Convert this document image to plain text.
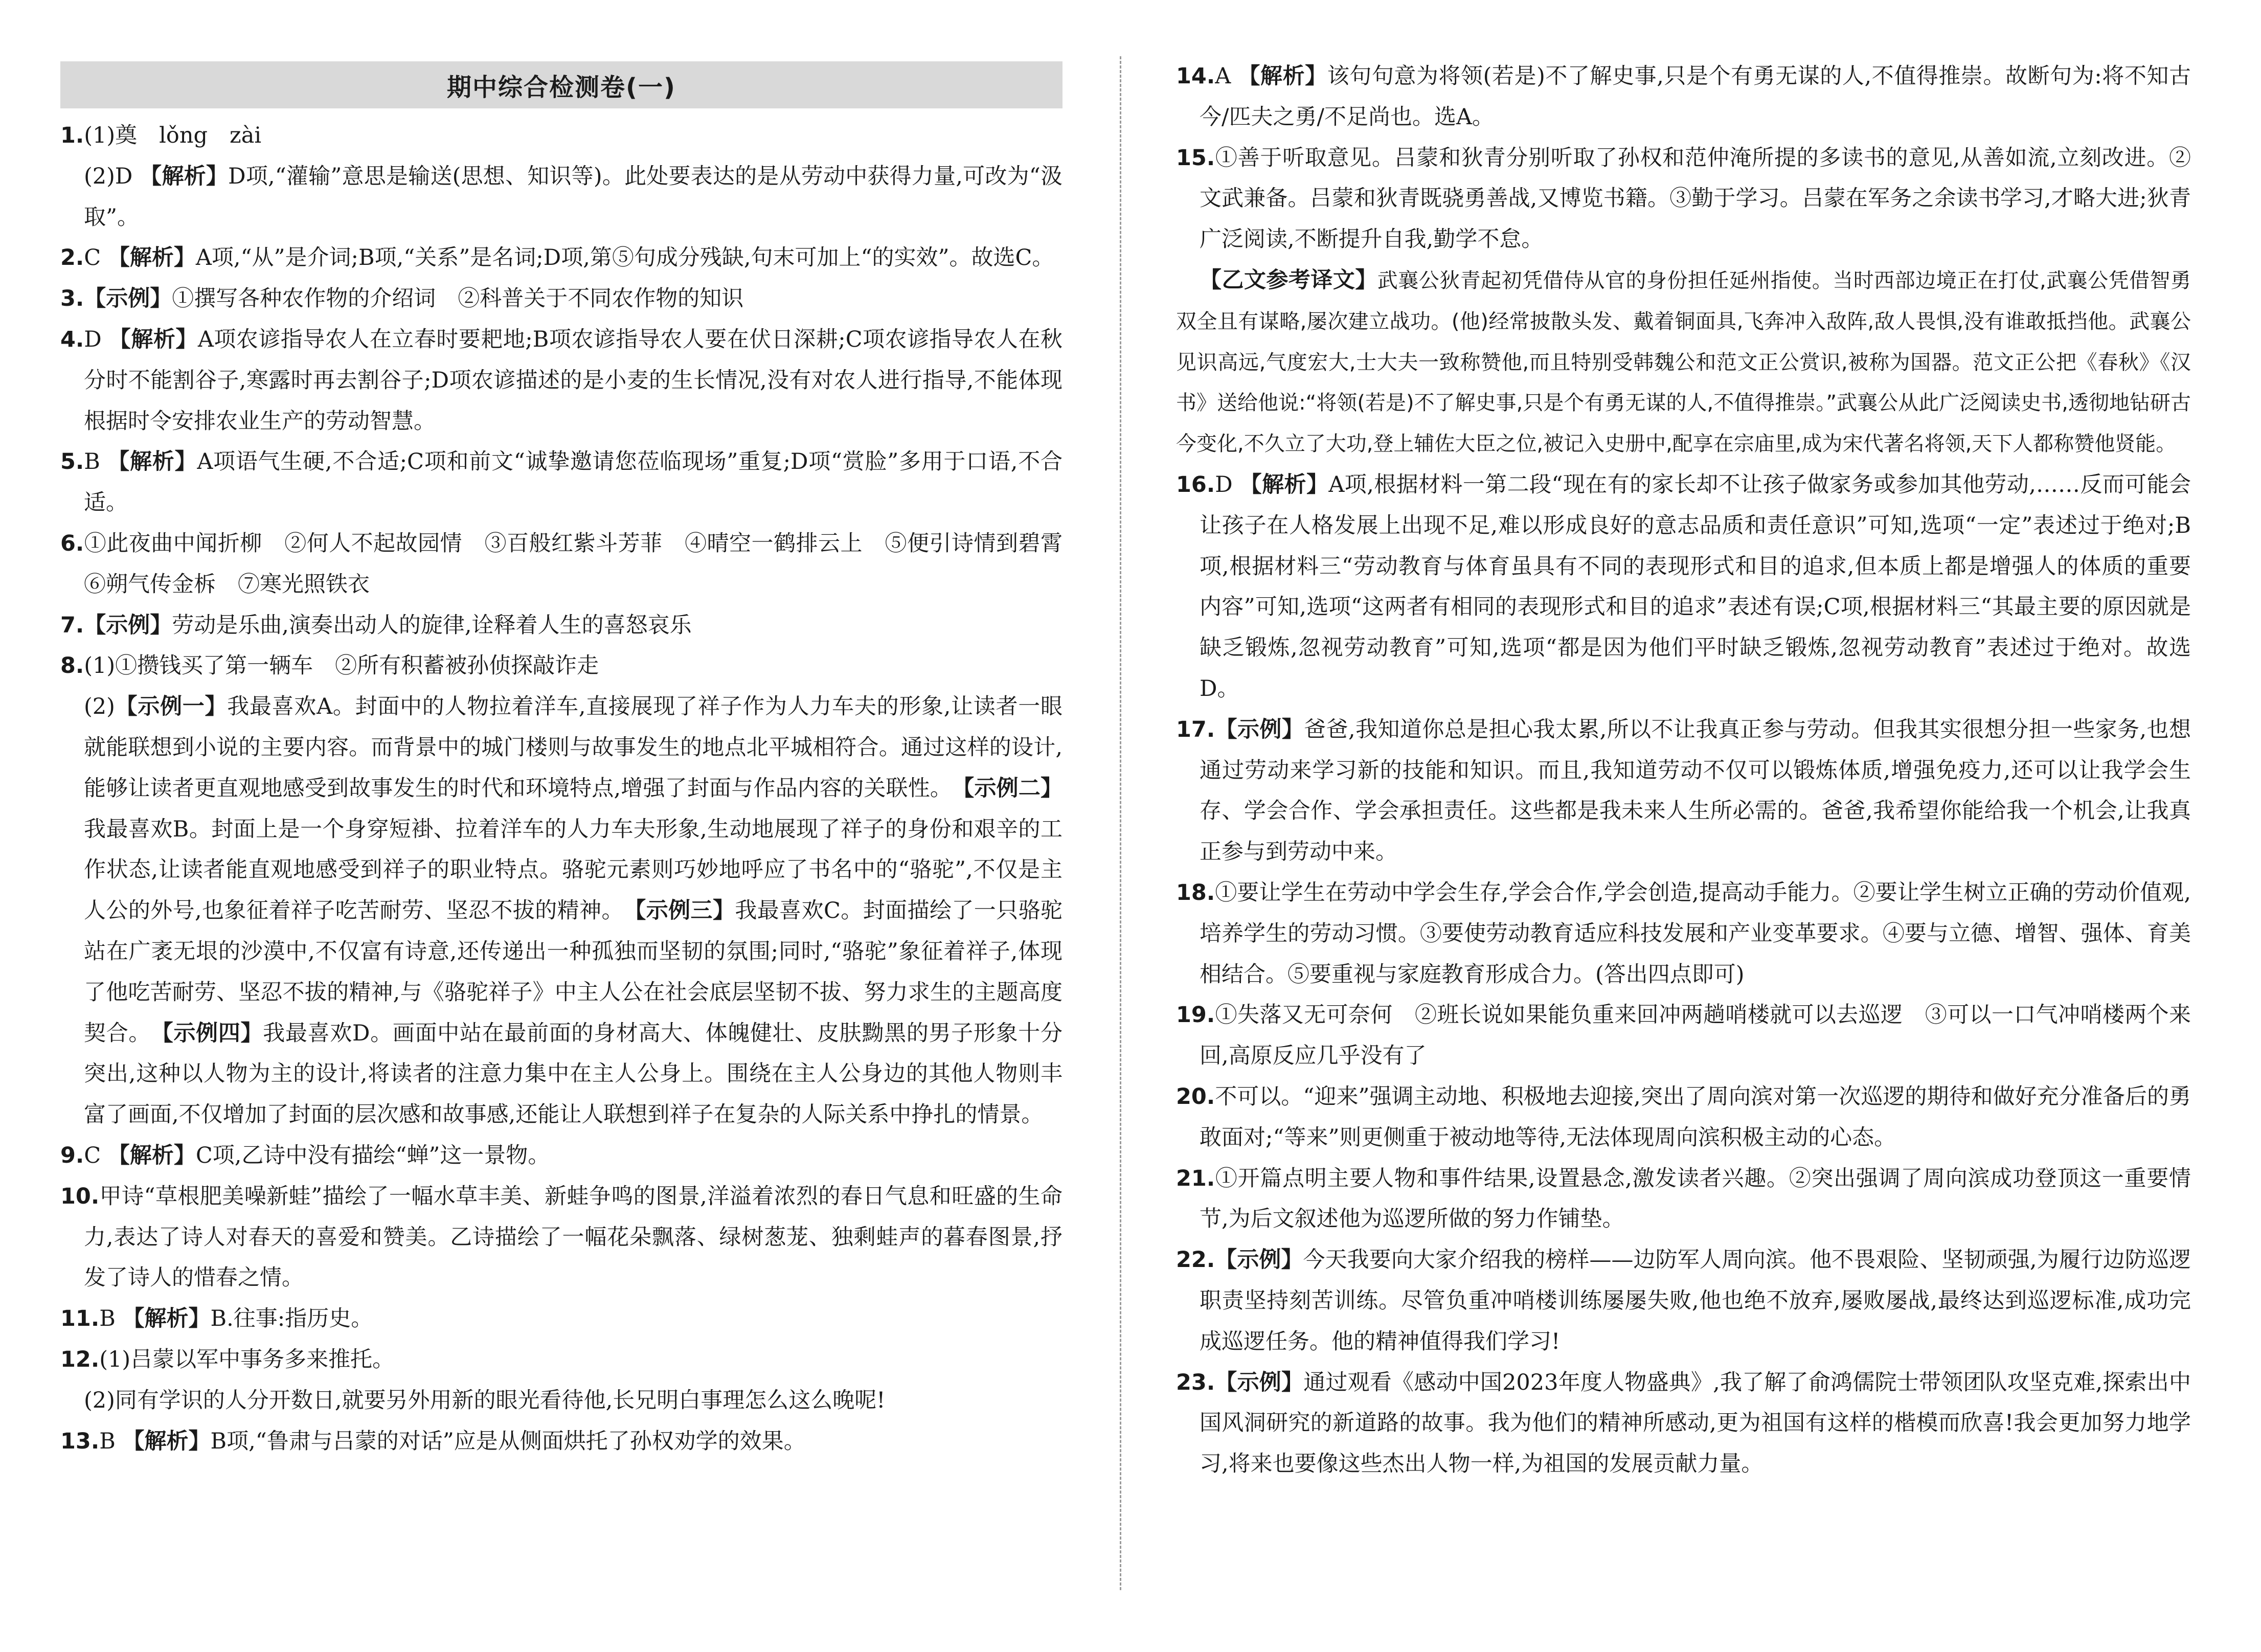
期中综合检测卷(一)

1.(1)奠　lǒng　zài

(2)D 【解析】D项,“灌输”意思是输送(思想、知识等)。此处要表达的是从劳动中获得力量,可改为“汲取”。

2.C 【解析】A项,“从”是介词;B项,“关系”是名词;D项,第⑤句成分残缺,句末可加上“的实效”。故选C。

3.【示例】①撰写各种农作物的介绍词　②科普关于不同农作物的知识

4.D 【解析】A项农谚指导农人在立春时要耙地;B项农谚指导农人要在伏日深耕;C项农谚指导农人在秋分时不能割谷子,寒露时再去割谷子;D项农谚描述的是小麦的生长情况,没有对农人进行指导,不能体现根据时令安排农业生产的劳动智慧。

5.B 【解析】A项语气生硬,不合适;C项和前文“诚挚邀请您莅临现场”重复;D项“赏脸”多用于口语,不合适。

6.①此夜曲中闻折柳　②何人不起故园情　③百般红紫斗芳菲　④晴空一鹤排云上　⑤便引诗情到碧霄　⑥朔气传金柝　⑦寒光照铁衣

7.【示例】劳动是乐曲,演奏出动人的旋律,诠释着人生的喜怒哀乐

8.(1)①攒钱买了第一辆车　②所有积蓄被孙侦探敲诈走

(2)【示例一】我最喜欢A。封面中的人物拉着洋车,直接展现了祥子作为人力车夫的形象,让读者一眼就能联想到小说的主要内容。而背景中的城门楼则与故事发生的地点北平城相符合。通过这样的设计,能够让读者更直观地感受到故事发生的时代和环境特点,增强了封面与作品内容的关联性。　【示例二】我最喜欢B。封面上是一个身穿短褂、拉着洋车的人力车夫形象,生动地展现了祥子的身份和艰辛的工作状态,让读者能直观地感受到祥子的职业特点。骆驼元素则巧妙地呼应了书名中的“骆驼”,不仅是主人公的外号,也象征着祥子吃苦耐劳、坚忍不拔的精神。　【示例三】我最喜欢C。封面描绘了一只骆驼站在广袤无垠的沙漠中,不仅富有诗意,还传递出一种孤独而坚韧的氛围;同时,“骆驼”象征着祥子,体现了他吃苦耐劳、坚忍不拔的精神,与《骆驼祥子》中主人公在社会底层坚韧不拔、努力求生的主题高度契合。　【示例四】我最喜欢D。画面中站在最前面的身材高大、体魄健壮、皮肤黝黑的男子形象十分突出,这种以人物为主的设计,将读者的注意力集中在主人公身上。围绕在主人公身边的其他人物则丰富了画面,不仅增加了封面的层次感和故事感,还能让人联想到祥子在复杂的人际关系中挣扎的情景。

9.C 【解析】C项,乙诗中没有描绘“蝉”这一景物。

10.甲诗“草根肥美噪新蛙”描绘了一幅水草丰美、新蛙争鸣的图景,洋溢着浓烈的春日气息和旺盛的生命力,表达了诗人对春天的喜爱和赞美。乙诗描绘了一幅花朵飘落、绿树葱茏、独剩蛙声的暮春图景,抒发了诗人的惜春之情。

11.B 【解析】B.往事:指历史。

12.(1)吕蒙以军中事务多来推托。

(2)同有学识的人分开数日,就要另外用新的眼光看待他,长兄明白事理怎么这么晚呢!

13.B 【解析】B项,“鲁肃与吕蒙的对话”应是从侧面烘托了孙权劝学的效果。

14.A 【解析】该句句意为将领(若是)不了解史事,只是个有勇无谋的人,不值得推崇。故断句为:将不知古今/匹夫之勇/不足尚也。选A。

15.①善于听取意见。吕蒙和狄青分别听取了孙权和范仲淹所提的多读书的意见,从善如流,立刻改进。②文武兼备。吕蒙和狄青既骁勇善战,又博览书籍。③勤于学习。吕蒙在军务之余读书学习,才略大进;狄青广泛阅读,不断提升自我,勤学不怠。

【乙文参考译文】武襄公狄青起初凭借侍从官的身份担任延州指使。当时西部边境正在打仗,武襄公凭借智勇双全且有谋略,屡次建立战功。(他)经常披散头发、戴着铜面具,飞奔冲入敌阵,敌人畏惧,没有谁敢抵挡他。武襄公见识高远,气度宏大,士大夫一致称赞他,而且特别受韩魏公和范文正公赏识,被称为国器。范文正公把《春秋》《汉书》送给他说:“将领(若是)不了解史事,只是个有勇无谋的人,不值得推崇。”武襄公从此广泛阅读史书,透彻地钻研古今变化,不久立了大功,登上辅佐大臣之位,被记入史册中,配享在宗庙里,成为宋代著名将领,天下人都称赞他贤能。

16.D 【解析】A项,根据材料一第二段“现在有的家长却不让孩子做家务或参加其他劳动,……反而可能会让孩子在人格发展上出现不足,难以形成良好的意志品质和责任意识”可知,选项“一定”表述过于绝对;B项,根据材料三“劳动教育与体育虽具有不同的表现形式和目的追求,但本质上都是增强人的体质的重要内容”可知,选项“这两者有相同的表现形式和目的追求”表述有误;C项,根据材料三“其最主要的原因就是缺乏锻炼,忽视劳动教育”可知,选项“都是因为他们平时缺乏锻炼,忽视劳动教育”表述过于绝对。故选D。

17.【示例】爸爸,我知道你总是担心我太累,所以不让我真正参与劳动。但我其实很想分担一些家务,也想通过劳动来学习新的技能和知识。而且,我知道劳动不仅可以锻炼体质,增强免疫力,还可以让我学会生存、学会合作、学会承担责任。这些都是我未来人生所必需的。爸爸,我希望你能给我一个机会,让我真正参与到劳动中来。

18.①要让学生在劳动中学会生存,学会合作,学会创造,提高动手能力。②要让学生树立正确的劳动价值观,培养学生的劳动习惯。③要使劳动教育适应科技发展和产业变革要求。④要与立德、增智、强体、育美相结合。⑤要重视与家庭教育形成合力。(答出四点即可)

19.①失落又无可奈何　②班长说如果能负重来回冲两趟哨楼就可以去巡逻　③可以一口气冲哨楼两个来回,高原反应几乎没有了

20.不可以。“迎来”强调主动地、积极地去迎接,突出了周向滨对第一次巡逻的期待和做好充分准备后的勇敢面对;“等来”则更侧重于被动地等待,无法体现周向滨积极主动的心态。

21.①开篇点明主要人物和事件结果,设置悬念,激发读者兴趣。②突出强调了周向滨成功登顶这一重要情节,为后文叙述他为巡逻所做的努力作铺垫。

22.【示例】今天我要向大家介绍我的榜样——边防军人周向滨。他不畏艰险、坚韧顽强,为履行边防巡逻职责坚持刻苦训练。尽管负重冲哨楼训练屡屡失败,他也绝不放弃,屡败屡战,最终达到巡逻标准,成功完成巡逻任务。他的精神值得我们学习!

23.【示例】通过观看《感动中国2023年度人物盛典》,我了解了俞鸿儒院士带领团队攻坚克难,探索出中国风洞研究的新道路的故事。我为他们的精神所感动,更为祖国有这样的楷模而欣喜!我会更加努力地学习,将来也要像这些杰出人物一样,为祖国的发展贡献力量。
